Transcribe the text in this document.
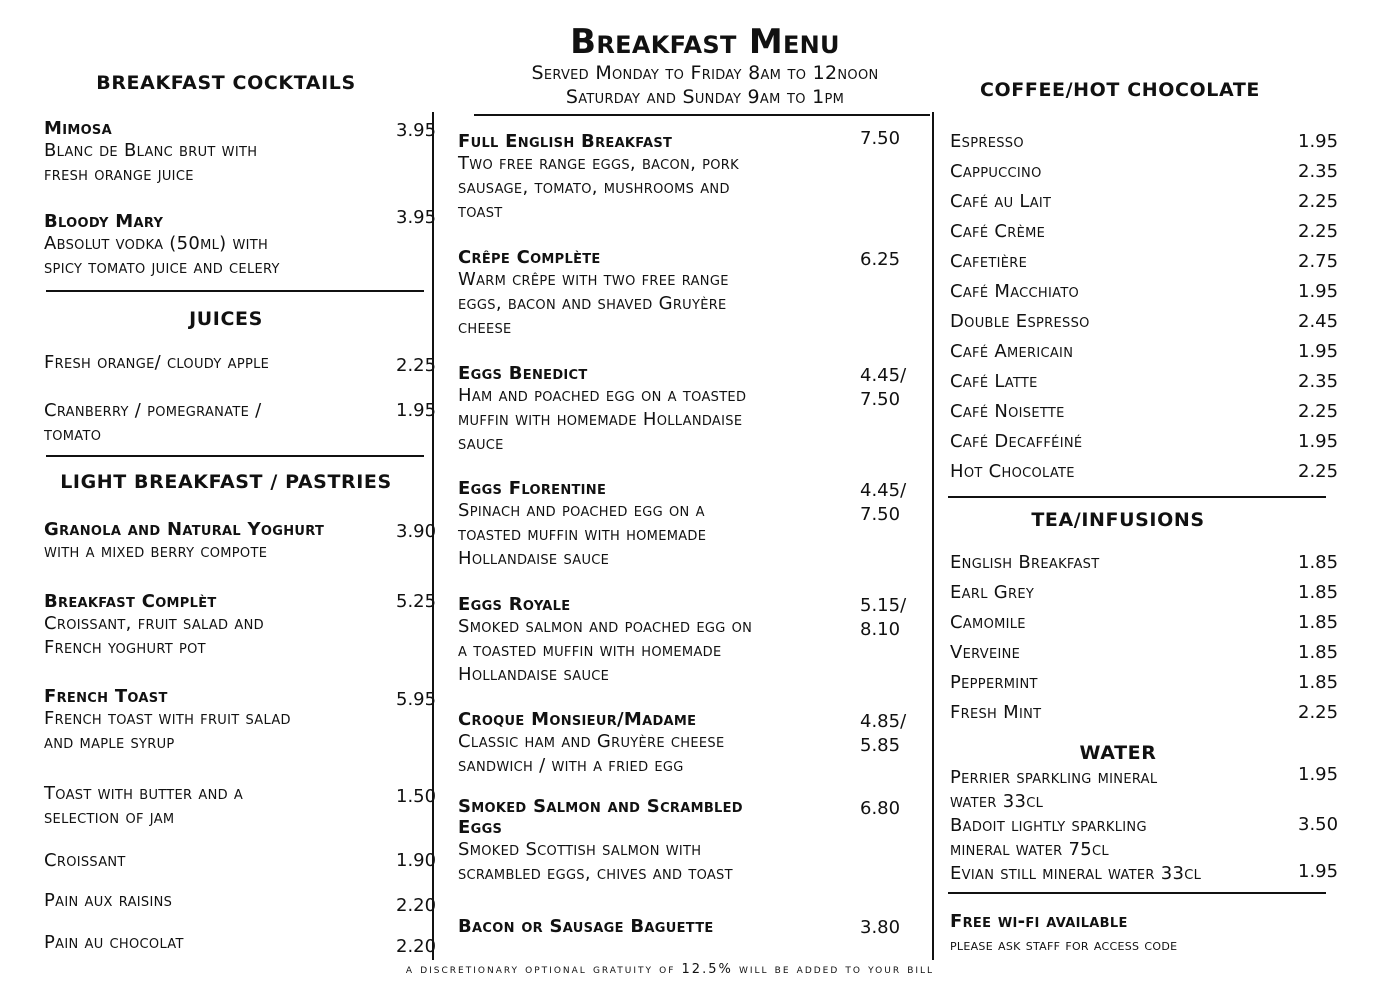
Breakfast Menu
Served Monday to Friday 8am to 12noon
Saturday and Sunday 9am to 1pm
BREAKFAST COCKTAILS
Mimosa
Blanc de Blanc brut with
fresh orange juice
3.95
Bloody Mary
Absolut vodka (50ml) with
spicy tomato juice and celery
3.95
JUICES
Fresh orange/ cloudy apple	2.25
Cranberry / pomegranate /
tomato
1.95
LIGHT BREAKFAST / PASTRIES
Granola and Natural Yoghurt
with a mixed berry compote
3.90
Breakfast Complèt
Croissant, fruit salad and
French yoghurt pot
5.25
French Toast
French toast with fruit salad
and maple syrup
5.95
Toast with butter and a
selection of jam
1.50
Croissant	1.90
Pain aux raisins	2.20
Pain au chocolat	2.20
Full English Breakfast
Two free range eggs, bacon, pork
sausage, tomato, mushrooms and
toast
7.50
Crêpe Complète
Warm crêpe with two free range
eggs, bacon and shaved Gruyère
cheese
6.25
Eggs Benedict
Ham and poached egg on a toasted
muffin with homemade Hollandaise
sauce
4.45/
7.50
Eggs Florentine
Spinach and poached egg on a
toasted muffin with homemade
Hollandaise sauce
4.45/
7.50
Eggs Royale
Smoked salmon and poached egg on
a toasted muffin with homemade
Hollandaise sauce
5.15/
8.10
Croque Monsieur/Madame
Classic ham and Gruyère cheese
sandwich / with a fried egg
4.85/
5.85
Smoked Salmon and Scrambled
Eggs
Smoked Scottish salmon with
scrambled eggs, chives and toast
6.80
Bacon or Sausage Baguette	3.80
COFFEE/HOT CHOCOLATE
Espresso	1.95
Cappuccino	2.35
Café au Lait	2.25
Café Crème	2.25
Cafetière	2.75
Café Macchiato	1.95
Double Espresso	2.45
Café Americain	1.95
Café Latte	2.35
Café Noisette	2.25
Café Decafféiné	1.95
Hot Chocolate	2.25
TEA/INFUSIONS
English Breakfast	1.85
Earl Grey	1.85
Camomile	1.85
Verveine	1.85
Peppermint	1.85
Fresh Mint	2.25
WATER
Perrier sparkling mineral
water 33cl
1.95
Badoit lightly sparkling
mineral water 75cl
3.50
Evian still mineral water 33cl	1.95
Free wi-fi available
please ask staff for access code
a discretionary optional gratuity of 12.5% will be added to your bill
